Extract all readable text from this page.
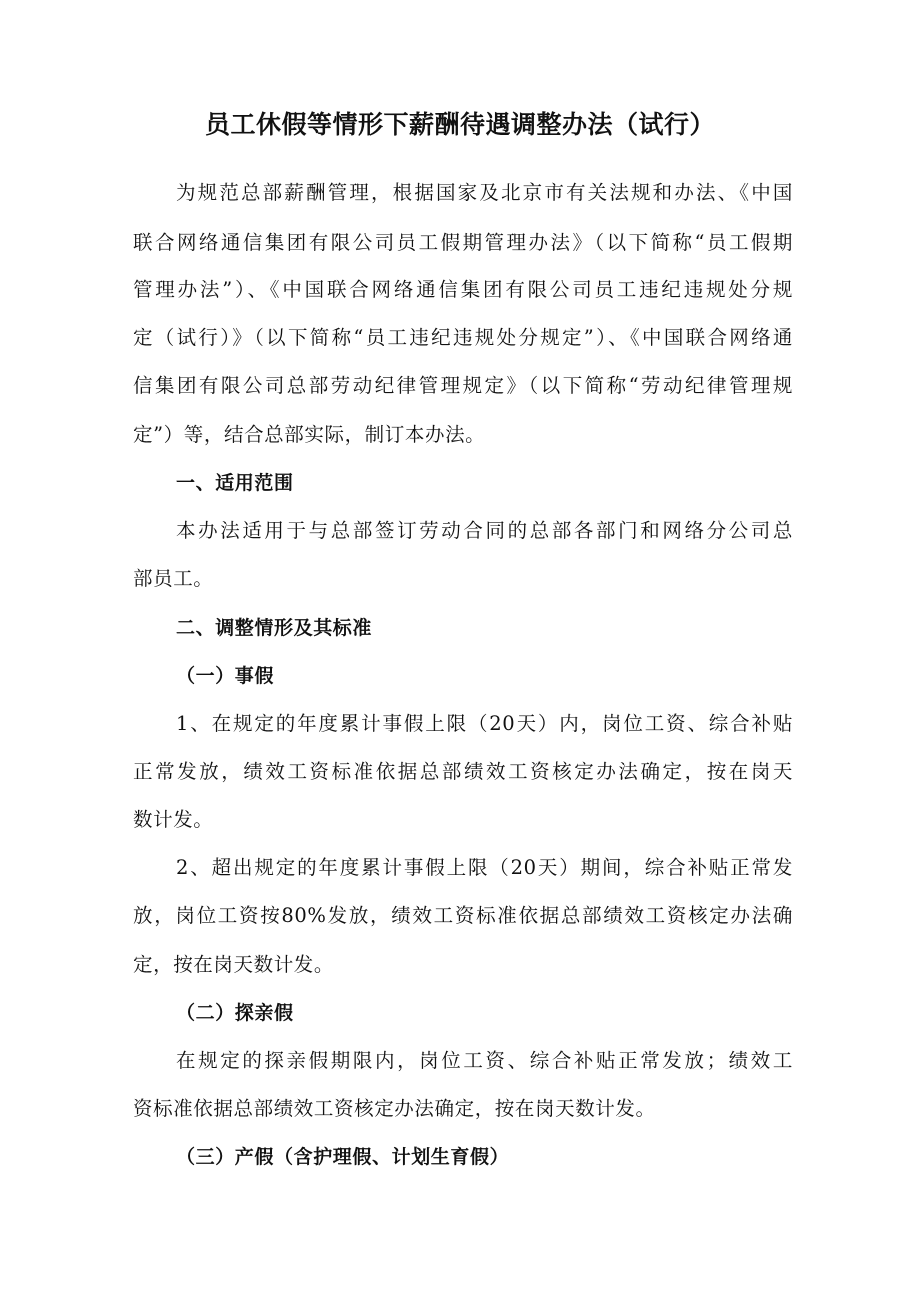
员工休假等情形下薪酬待遇调整办法（试行）
为规范总部薪酬管理，根据国家及北京市有关法规和办法、《中国
联合网络通信集团有限公司员工假期管理办法》（以下简称“员工假期
管理办法”）、《中国联合网络通信集团有限公司员工违纪违规处分规
定（试行）》（以下简称“员工违纪违规处分规定”）、《中国联合网络通
信集团有限公司总部劳动纪律管理规定》（以下简称“劳动纪律管理规
定”）等，结合总部实际，制订本办法。
一、适用范围
本办法适用于与总部签订劳动合同的总部各部门和网络分公司总
部员工。
二、调整情形及其标准
（一）事假
1、在规定的年度累计事假上限（20天）内，岗位工资、综合补贴
正常发放，绩效工资标准依据总部绩效工资核定办法确定，按在岗天
数计发。
2、超出规定的年度累计事假上限（20天）期间，综合补贴正常发
放，岗位工资按80%发放，绩效工资标准依据总部绩效工资核定办法确
定，按在岗天数计发。
（二）探亲假
在规定的探亲假期限内，岗位工资、综合补贴正常发放；绩效工
资标准依据总部绩效工资核定办法确定，按在岗天数计发。
（三）产假（含护理假、计划生育假）
